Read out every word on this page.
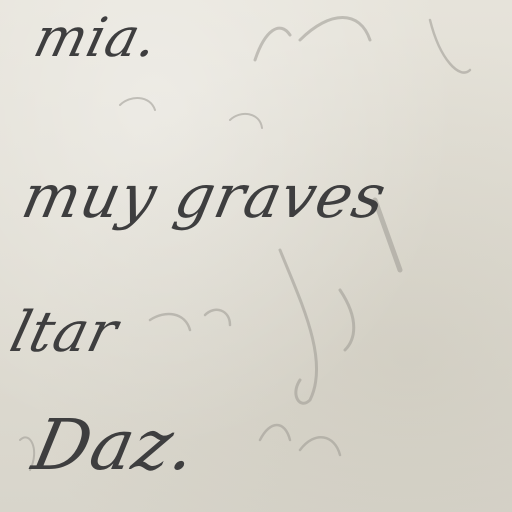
mia.

muy graves

ltar

Daz.
